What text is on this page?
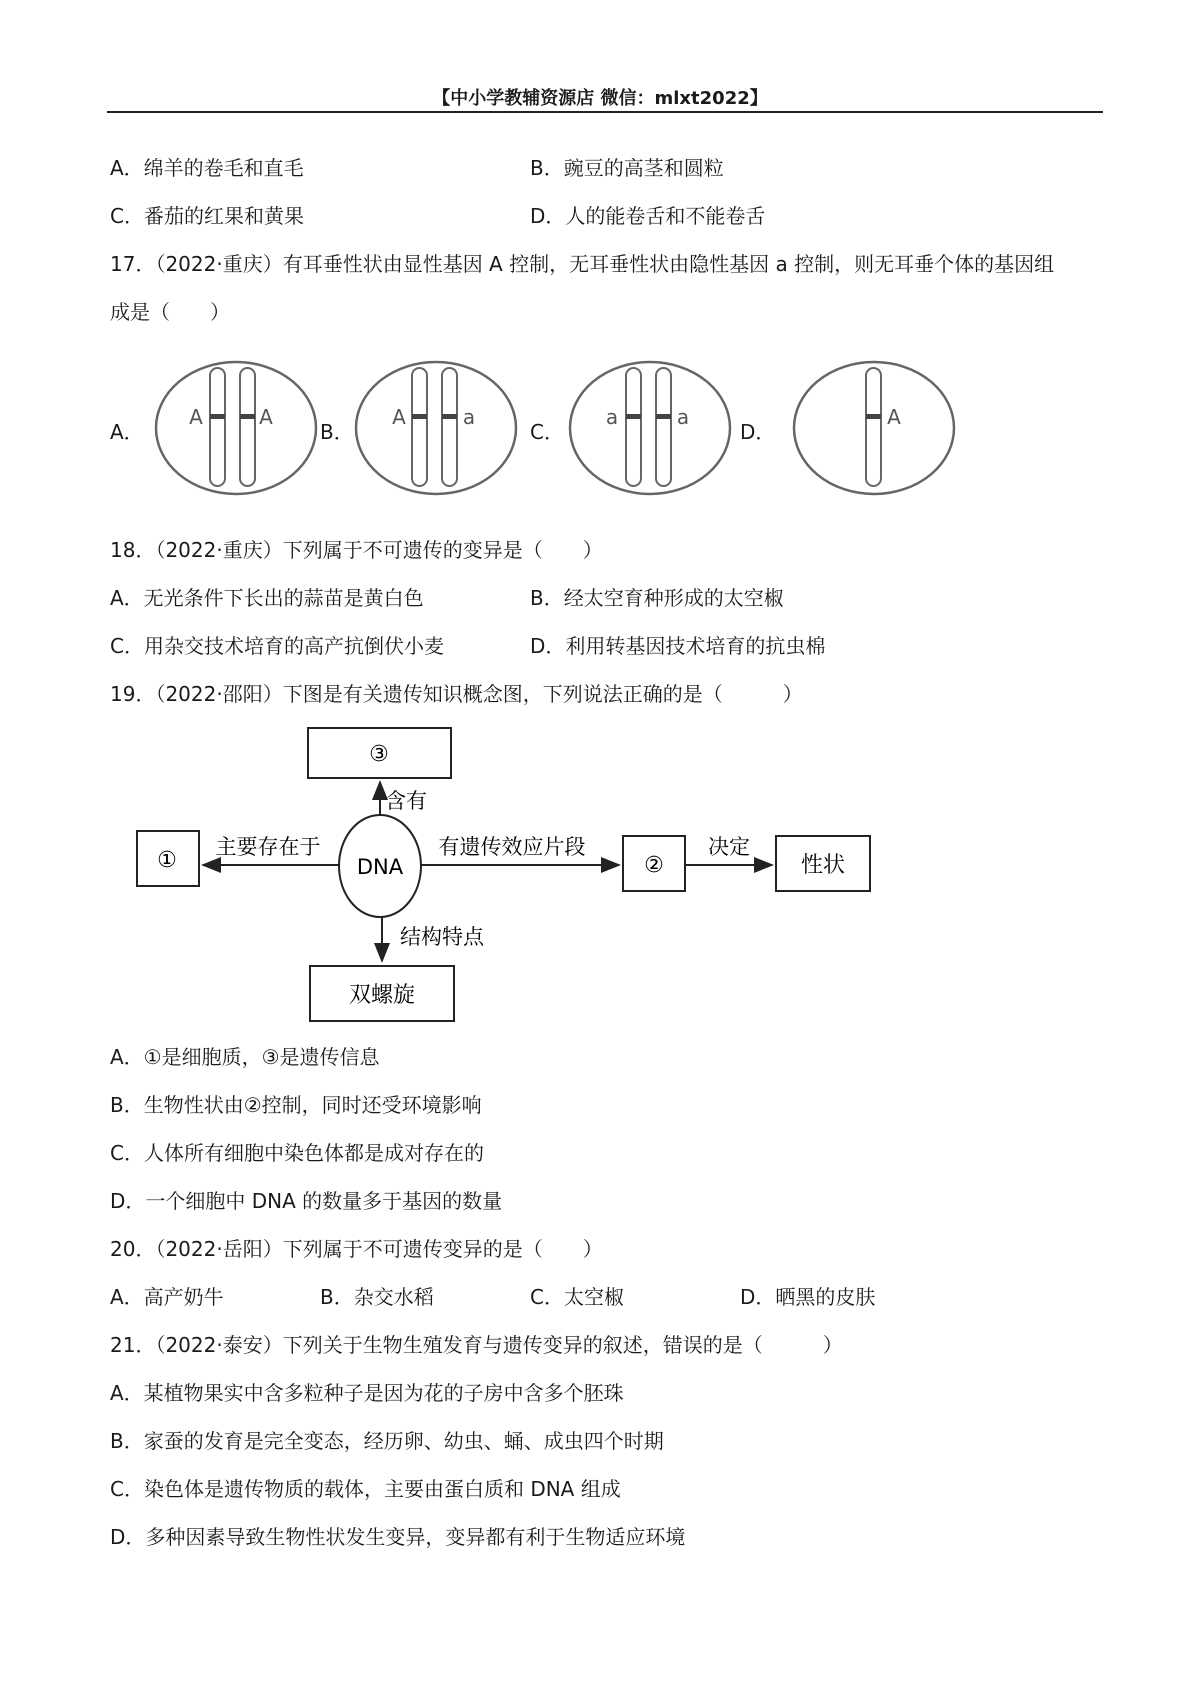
【中小学教辅资源店 微信：mlxt2022】
A．绵羊的卷毛和直毛	B．豌豆的高茎和圆粒
C．番茄的红果和黄果	D．人的能卷舌和不能卷舌
17．（2022·重庆）有耳垂性状由显性基因 A 控制，无耳垂性状由隐性基因 a 控制，则无耳垂个体的基因组
成是（　　）
A．	B．	C．	D．
A	A	A	a	a	a	A
18．（2022·重庆）下列属于不可遗传的变异是（　　）
A．无光条件下长出的蒜苗是黄白色	B．经太空育种形成的太空椒
C．用杂交技术培育的高产抗倒伏小麦	D．利用转基因技术培育的抗虫棉
19．（2022·邵阳）下图是有关遗传知识概念图，下列说法正确的是（　　　）
③
含有
DNA
①
主要存在于
②
有遗传效应片段
性状
决定
结构特点
双螺旋
A．①是细胞质，③是遗传信息
B．生物性状由②控制，同时还受环境影响
C．人体所有细胞中染色体都是成对存在的
D．一个细胞中 DNA 的数量多于基因的数量
20．（2022·岳阳）下列属于不可遗传变异的是（　　）
A．高产奶牛	B．杂交水稻	C．太空椒	D．晒黑的皮肤
21．（2022·泰安）下列关于生物生殖发育与遗传变异的叙述，错误的是（　　　）
A．某植物果实中含多粒种子是因为花的子房中含多个胚珠
B．家蚕的发育是完全变态，经历卵、幼虫、蛹、成虫四个时期
C．染色体是遗传物质的载体，主要由蛋白质和 DNA 组成
D．多种因素导致生物性状发生变异，变异都有利于生物适应环境
